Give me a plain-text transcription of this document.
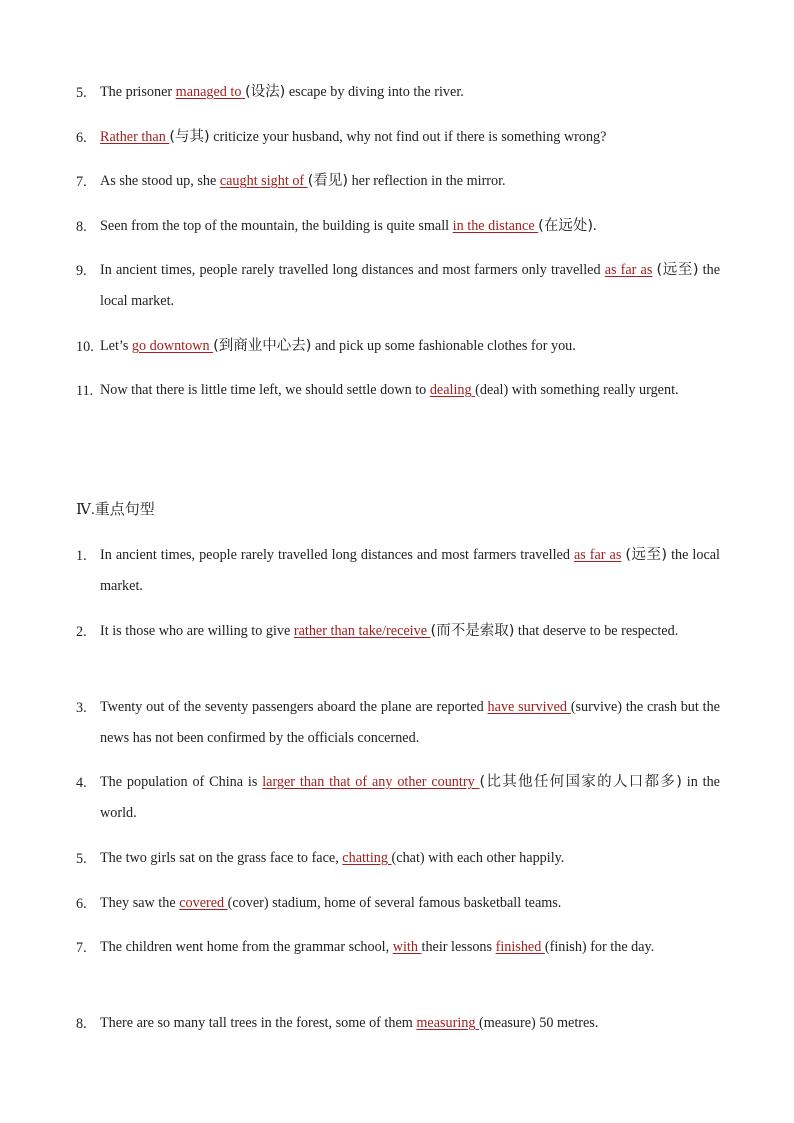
5. The prisoner managed to (设法) escape by diving into the river.
6. Rather than (与其) criticize your husband, why not find out if there is something wrong?
7. As she stood up, she caught sight of (看见) her reflection in the mirror.
8. Seen from the top of the mountain, the building is quite small in the distance (在远处).
9. In ancient times, people rarely travelled long distances and most farmers only travelled as far as (远至) the local market.
10. Let’s go downtown (到商业中心去) and pick up some fashionable clothes for you.
11. Now that there is little time left, we should settle down to dealing (deal) with something really urgent.
Ⅳ.重点句型
1. In ancient times, people rarely travelled long distances and most farmers travelled as far as (远至) the local market.
2. It is those who are willing to give rather than take/receive (而不是索取) that deserve to be respected.
3. Twenty out of the seventy passengers aboard the plane are reported have survived (survive) the crash but the news has not been confirmed by the officials concerned.
4. The population of China is larger than that of any other country (比其他任何国家的人口都多) in the world.
5. The two girls sat on the grass face to face, chatting (chat) with each other happily.
6. They saw the covered (cover) stadium, home of several famous basketball teams.
7. The children went home from the grammar school, with their lessons finished (finish) for the day.
8. There are so many tall trees in the forest, some of them measuring (measure) 50 metres.
